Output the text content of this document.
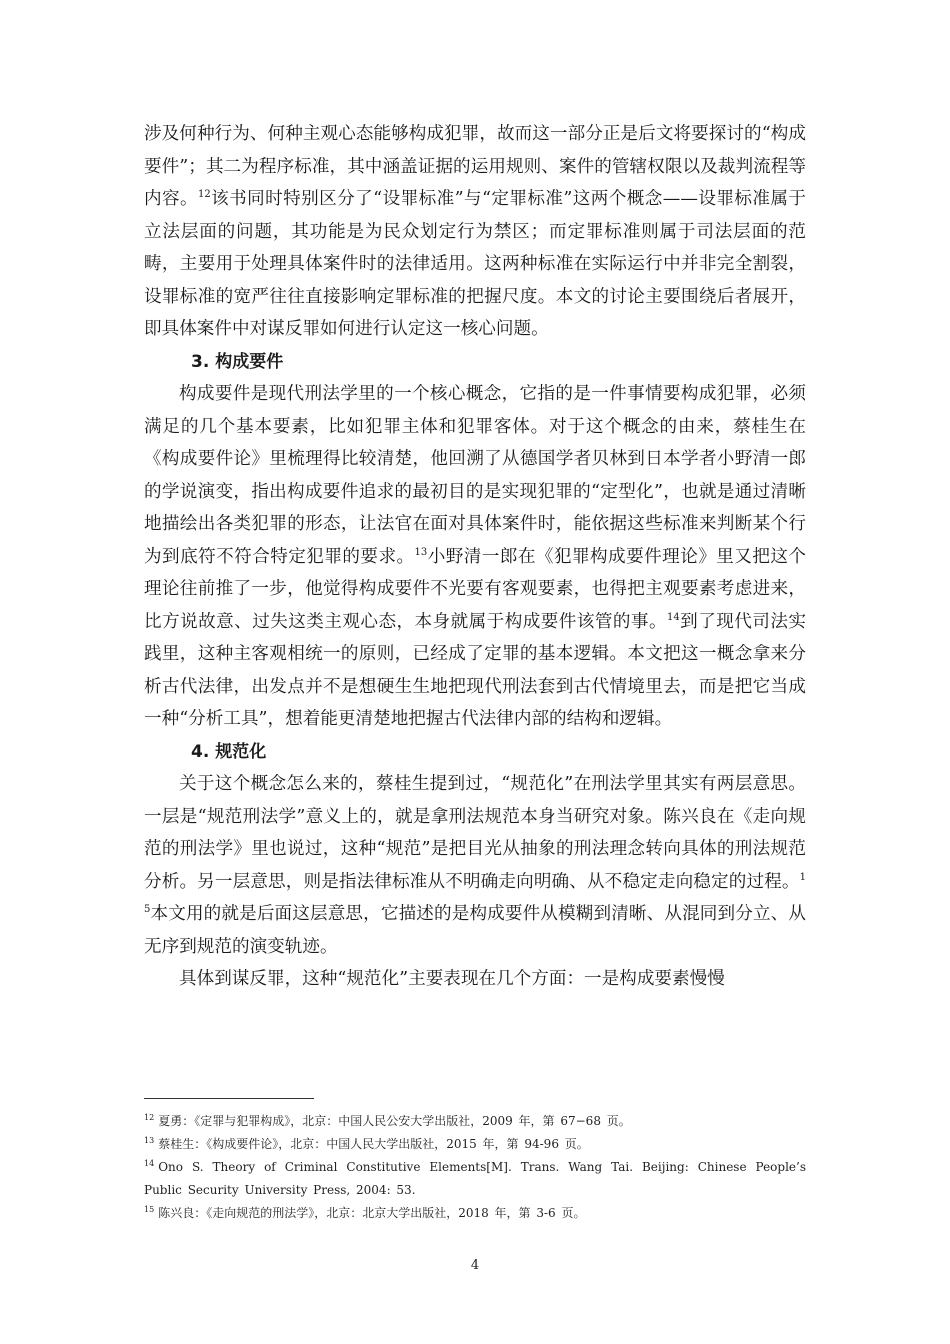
涉及何种行为、何种主观心态能够构成犯罪，故而这一部分正是后文将要探讨的“构成要件”；其二为程序标准，其中涵盖证据的运用规则、案件的管辖权限以及裁判流程等内容。$^{12}$该书同时特别区分了“设罪标准”与“定罪标准”这两个概念——设罪标准属于立法层面的问题，其功能是为民众划定行为禁区；而定罪标准则属于司法层面的范畴，主要用于处理具体案件时的法律适用。这两种标准在实际运行中并非完全割裂，设罪标准的宽严往往直接影响定罪标准的把握尺度。本文的讨论主要围绕后者展开，即具体案件中对谋反罪如何进行认定这一核心问题。

3. 构成要件

构成要件是现代刑法学里的一个核心概念，它指的是一件事情要构成犯罪，必须满足的几个基本要素，比如犯罪主体和犯罪客体。对于这个概念的由来，蔡桂生在《构成要件论》里梳理得比较清楚，他回溯了从德国学者贝林到日本学者小野清一郎的学说演变，指出构成要件追求的最初目的是实现犯罪的“定型化”，也就是通过清晰地描绘出各类犯罪的形态，让法官在面对具体案件时，能依据这些标准来判断某个行为到底符不符合特定犯罪的要求。$^{13}$小野清一郎在《犯罪构成要件理论》里又把这个理论往前推了一步，他觉得构成要件不光要有客观要素，也得把主观要素考虑进来，比方说故意、过失这类主观心态，本身就属于构成要件该管的事。$^{14}$到了现代司法实践里，这种主客观相统一的原则，已经成了定罪的基本逻辑。本文把这一概念拿来分析古代法律，出发点并不是想硬生生地把现代刑法套到古代情境里去，而是把它当成一种“分析工具”，想着能更清楚地把握古代法律内部的结构和逻辑。

4. 规范化

关于这个概念怎么来的，蔡桂生提到过，“规范化”在刑法学里其实有两层意思。一层是“规范刑法学”意义上的，就是拿刑法规范本身当研究对象。陈兴良在《走向规范的刑法学》里也说过，这种“规范”是把目光从抽象的刑法理念转向具体的刑法规范分析。另一层意思，则是指法律标准从不明确走向明确、从不稳定走向稳定的过程。$^{15}$本文用的就是后面这层意思，它描述的是构成要件从模糊到清晰、从混同到分立、从无序到规范的演变轨迹。

具体到谋反罪，这种“规范化”主要表现在几个方面：一是构成要素慢慢

$^{12}$ 夏勇：《定罪与犯罪构成》，北京：中国人民公安大学出版社，2009 年，第 67−68 页。

$^{13}$ 蔡桂生：《构成要件论》，北京：中国人民大学出版社，2015 年，第 94-96 页。

$^{14}$ Ono S. Theory of Criminal Constitutive Elements[M]. Trans. Wang Tai. Beijing: Chinese People’s Public Security University Press, 2004: 53.

$^{15}$ 陈兴良：《走向规范的刑法学》，北京：北京大学出版社，2018 年，第 3-6 页。

4
